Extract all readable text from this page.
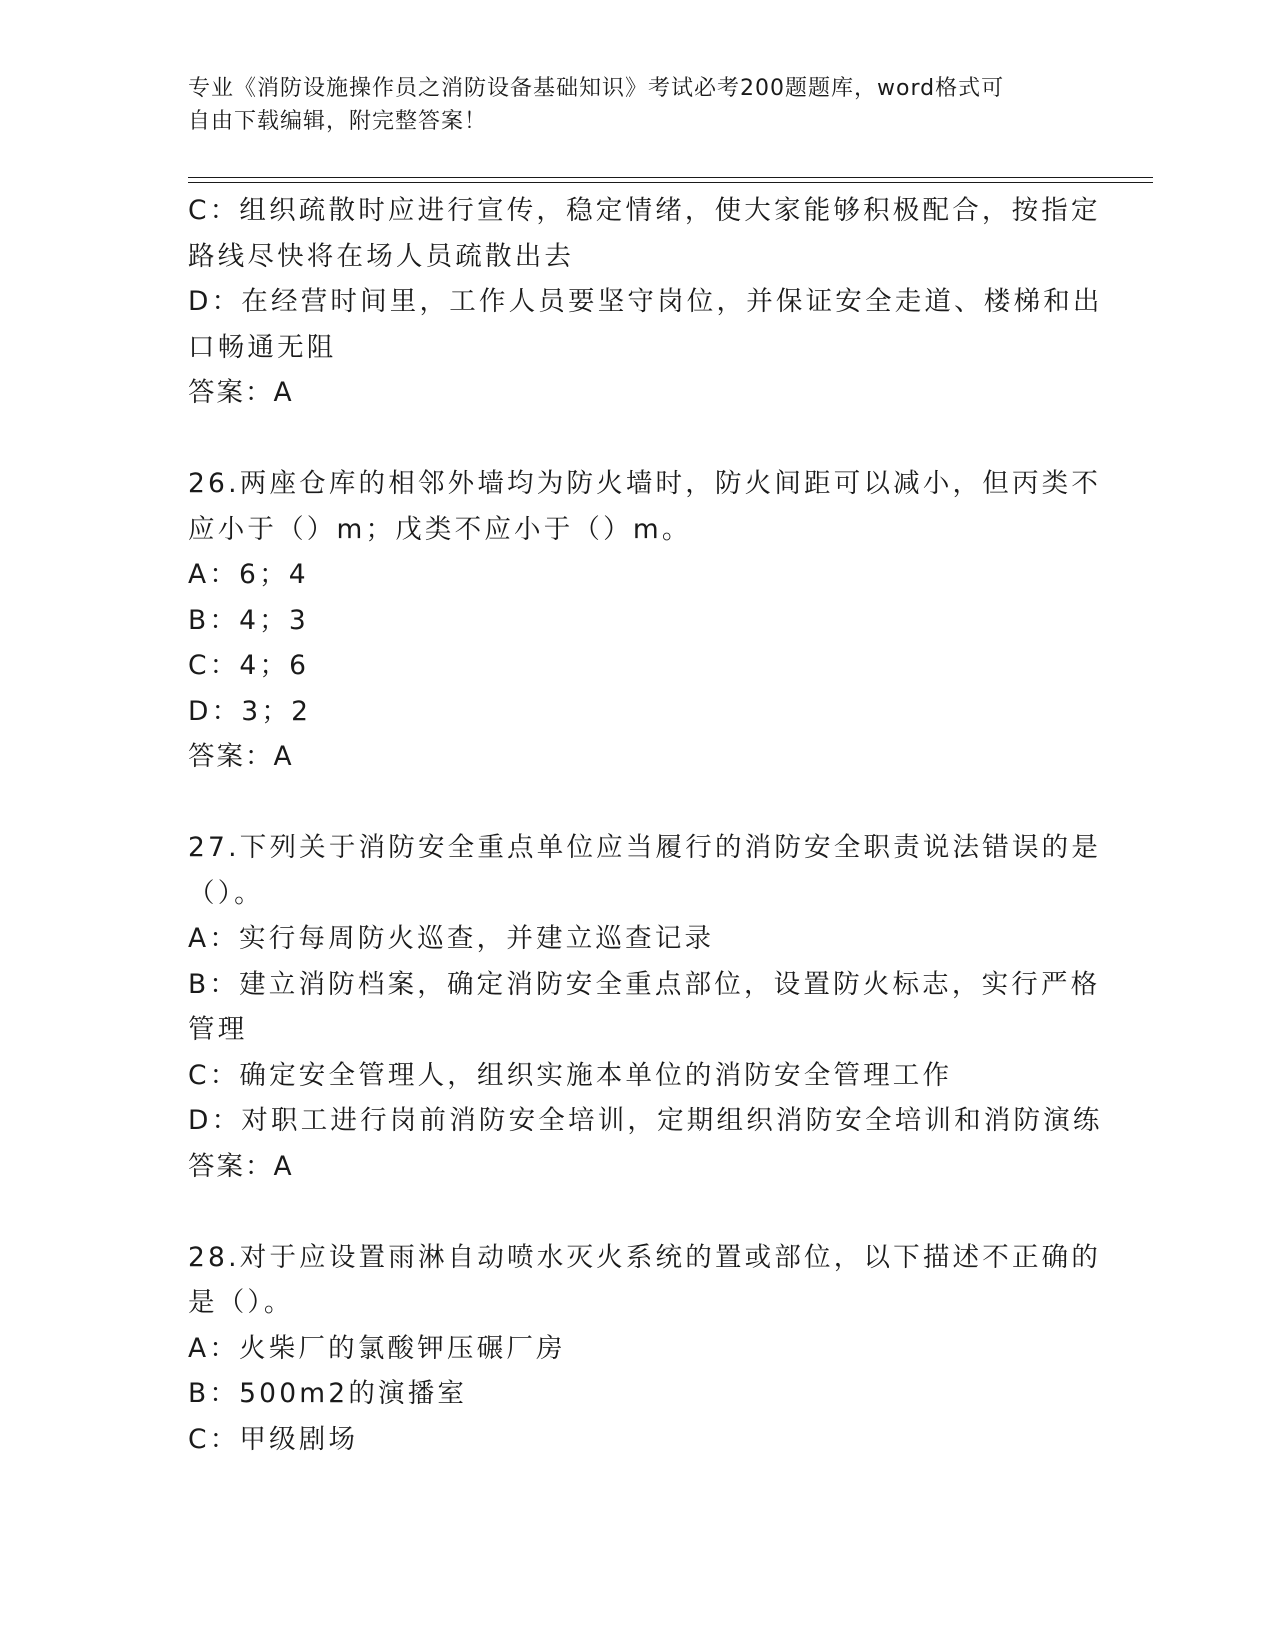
专业《消防设施操作员之消防设备基础知识》考试必考200题题库，word格式可
自由下载编辑，附完整答案！
C：组织疏散时应进行宣传，稳定情绪，使大家能够积极配合，按指定
路线尽快将在场人员疏散出去
D：在经营时间里，工作人员要坚守岗位，并保证安全走道、楼梯和出
口畅通无阻
答案：A
26.两座仓库的相邻外墙均为防火墙时，防火间距可以减小，但丙类不
应小于（）m；戊类不应小于（）m。
A：6；4
B：4；3
C：4；6
D：3；2
答案：A
27.下列关于消防安全重点单位应当履行的消防安全职责说法错误的是
（）。
A：实行每周防火巡查，并建立巡查记录
B：建立消防档案，确定消防安全重点部位，设置防火标志，实行严格
管理
C：确定安全管理人，组织实施本单位的消防安全管理工作
D：对职工进行岗前消防安全培训，定期组织消防安全培训和消防演练
答案：A
28.对于应设置雨淋自动喷水灭火系统的置或部位，以下描述不正确的
是（）。
A：火柴厂的氯酸钾压碾厂房
B：500m2的演播室
C：甲级剧场
